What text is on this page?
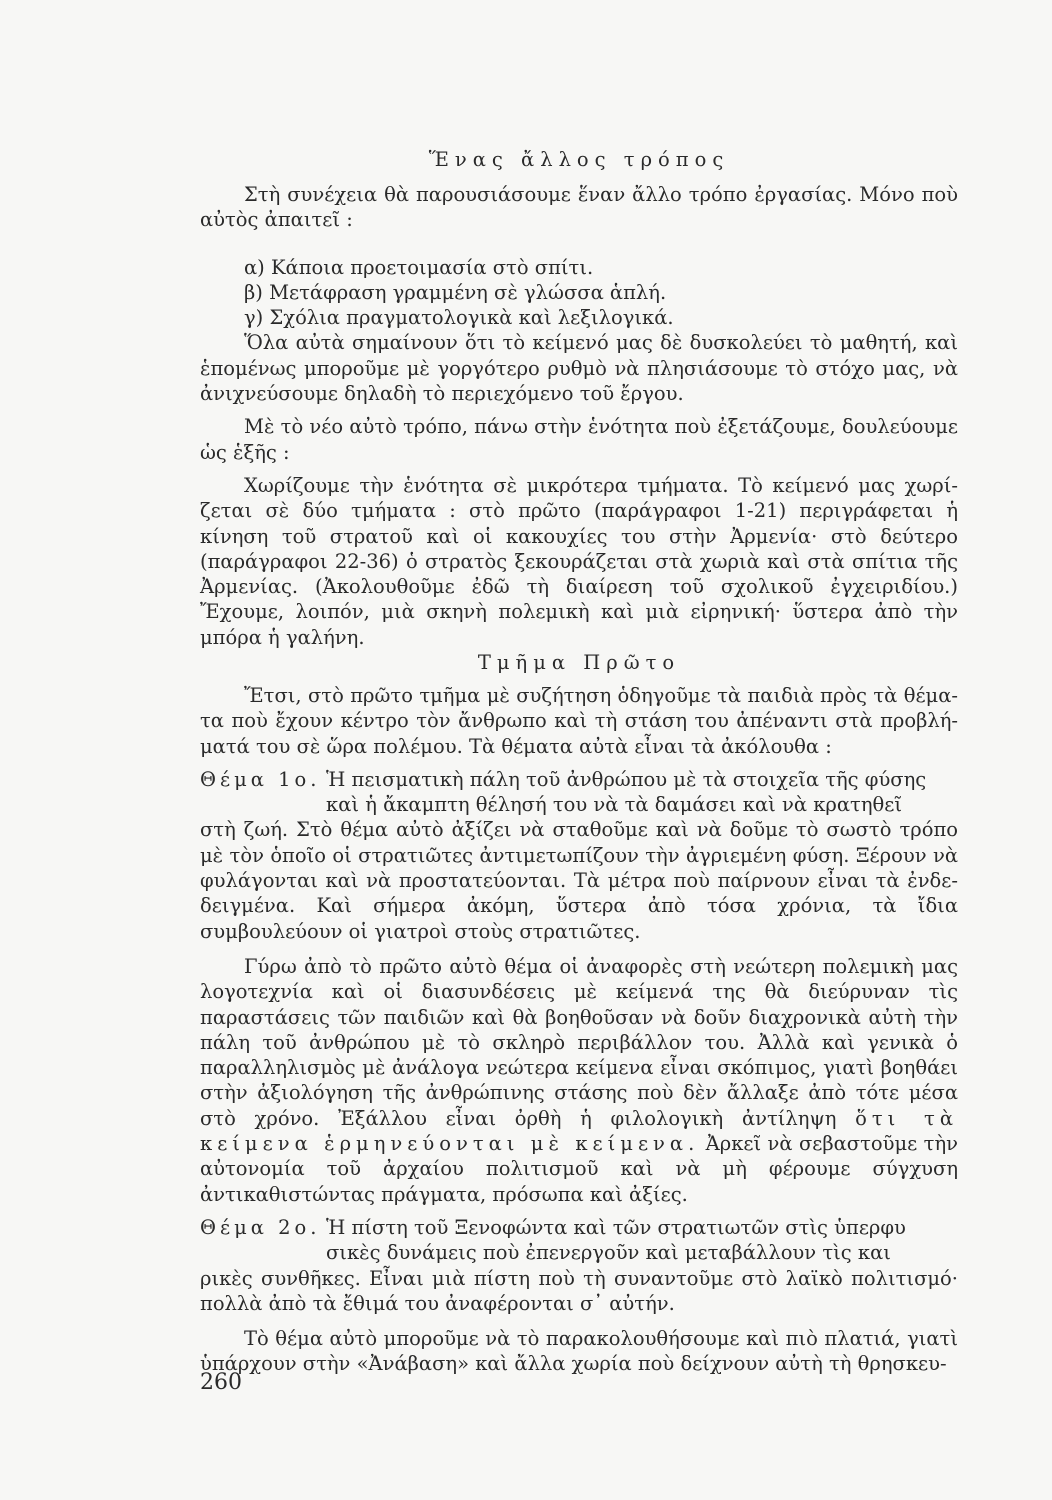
Ἕνας ἄλλος τρόπος

Στὴ συνέχεια θὰ παρουσιάσουμε ἕναν ἄλλο τρόπο ἐργασίας. Μόνο ποὺ αὐτὸς ἀπαιτεῖ :

α) Κάποια προετοιμασία στὸ σπίτι.

β) Μετάφραση γραμμένη σὲ γλώσσα ἁπλή.

γ) Σχόλια πραγματολογικὰ καὶ λεξιλογικά.

Ὅλα αὐτὰ σημαίνουν ὅτι τὸ κείμενό μας δὲ δυσκολεύει τὸ μαθητή, καὶ ἑπομένως μποροῦμε μὲ γοργότερο ρυθμὸ νὰ πλησιάσουμε τὸ στόχο μας, νὰ ἀνιχνεύσουμε δηλαδὴ τὸ περιεχόμενο τοῦ ἔργου.

Μὲ τὸ νέο αὐτὸ τρόπο, πάνω στὴν ἑνότητα ποὺ ἐξετάζουμε, δουλεύουμε ὡς ἑξῆς :

Χωρίζουμε τὴν ἑνότητα σὲ μικρότερα τμήματα. Τὸ κείμενό μας χωρίζεται σὲ δύο τμήματα : στὸ πρῶτο (παράγραφοι 1-21) περιγράφεται ἡ κίνηση τοῦ στρατοῦ καὶ οἱ κακουχίες του στὴν Ἀρμενία· στὸ δεύτερο (παράγραφοι 22-36) ὁ στρατὸς ξεκουράζεται στὰ χωριὰ καὶ στὰ σπίτια τῆς Ἀρμενίας. (Ἀκολουθοῦμε ἐδῶ τὴ διαίρεση τοῦ σχολικοῦ ἐγχειριδίου.) Ἔχουμε, λοιπόν, μιὰ σκηνὴ πολεμικὴ καὶ μιὰ εἰρηνική· ὕστερα ἀπὸ τὴν μπόρα ἡ γαλήνη.

Τμῆμα Πρῶτο

Ἔτσι, στὸ πρῶτο τμῆμα μὲ συζήτηση ὁδηγοῦμε τὰ παιδιὰ πρὸς τὰ θέματα ποὺ ἔχουν κέντρο τὸν ἄνθρωπο καὶ τὴ στάση του ἀπέναντι στὰ προβλήματά του σὲ ὥρα πολέμου. Τὰ θέματα αὐτὰ εἶναι τὰ ἀκόλουθα :

Θέμα 1ο. Ἡ πεισματικὴ πάλη τοῦ ἀνθρώπου μὲ τὰ στοιχεῖα τῆς φύσης

καὶ ἡ ἄκαμπτη θέλησή του νὰ τὰ δαμάσει καὶ νὰ κρατηθεῖ

στὴ ζωή. Στὸ θέμα αὐτὸ ἀξίζει νὰ σταθοῦμε καὶ νὰ δοῦμε τὸ σωστὸ τρόπο μὲ τὸν ὁποῖο οἱ στρατιῶτες ἀντιμετωπίζουν τὴν ἀγριεμένη φύση. Ξέρουν νὰ φυλάγονται καὶ νὰ προστατεύονται. Τὰ μέτρα ποὺ παίρνουν εἶναι τὰ ἐνδεδειγμένα. Καὶ σήμερα ἀκόμη, ὕστερα ἀπὸ τόσα χρόνια, τὰ ἴδια συμβουλεύουν οἱ γιατροὶ στοὺς στρατιῶτες.

Γύρω ἀπὸ τὸ πρῶτο αὐτὸ θέμα οἱ ἀναφορὲς στὴ νεώτερη πολεμικὴ μας λογοτεχνία καὶ οἱ διασυνδέσεις μὲ κείμενά της θὰ διεύρυναν τὶς παραστάσεις τῶν παιδιῶν καὶ θὰ βοηθοῦσαν νὰ δοῦν διαχρονικὰ αὐτὴ τὴν πάλη τοῦ ἀνθρώπου μὲ τὸ σκληρὸ περιβάλλον του. Ἀλλὰ καὶ γενικὰ ὁ παραλληλισμὸς μὲ ἀνάλογα νεώτερα κείμενα εἶναι σκόπιμος, γιατὶ βοηθάει στὴν ἀξιολόγηση τῆς ἀνθρώπινης στάσης ποὺ δὲν ἄλλαξε ἀπὸ τότε μέσα στὸ χρόνο. Ἐξάλλου εἶναι ὀρθὴ ἡ φιλολογικὴ ἀντίληψη ὅτι τὰ κείμενα ἑρμηνεύονται μὲ κείμενα. Ἀρκεῖ νὰ σεβαστοῦμε τὴν αὐτονομία τοῦ ἀρχαίου πολιτισμοῦ καὶ νὰ μὴ φέρουμε σύγχυση ἀντικαθιστώντας πράγματα, πρόσωπα καὶ ἀξίες.

Θέμα 2ο. Ἡ πίστη τοῦ Ξενοφώντα καὶ τῶν στρατιωτῶν στὶς ὑπερφυ

σικὲς δυνάμεις ποὺ ἐπενεργοῦν καὶ μεταβάλλουν τὶς και

ρικὲς συνθῆκες. Εἶναι μιὰ πίστη ποὺ τὴ συναντοῦμε στὸ λαϊκὸ πολιτισμό· πολλὰ ἀπὸ τὰ ἔθιμά του ἀναφέρονται σ᾿ αὐτήν.

Τὸ θέμα αὐτὸ μποροῦμε νὰ τὸ παρακολουθήσουμε καὶ πιὸ πλατιά, γιατὶ ὑπάρχουν στὴν «Ἀνάβαση» καὶ ἄλλα χωρία ποὺ δείχνουν αὐτὴ τὴ θρησκευ-

260
